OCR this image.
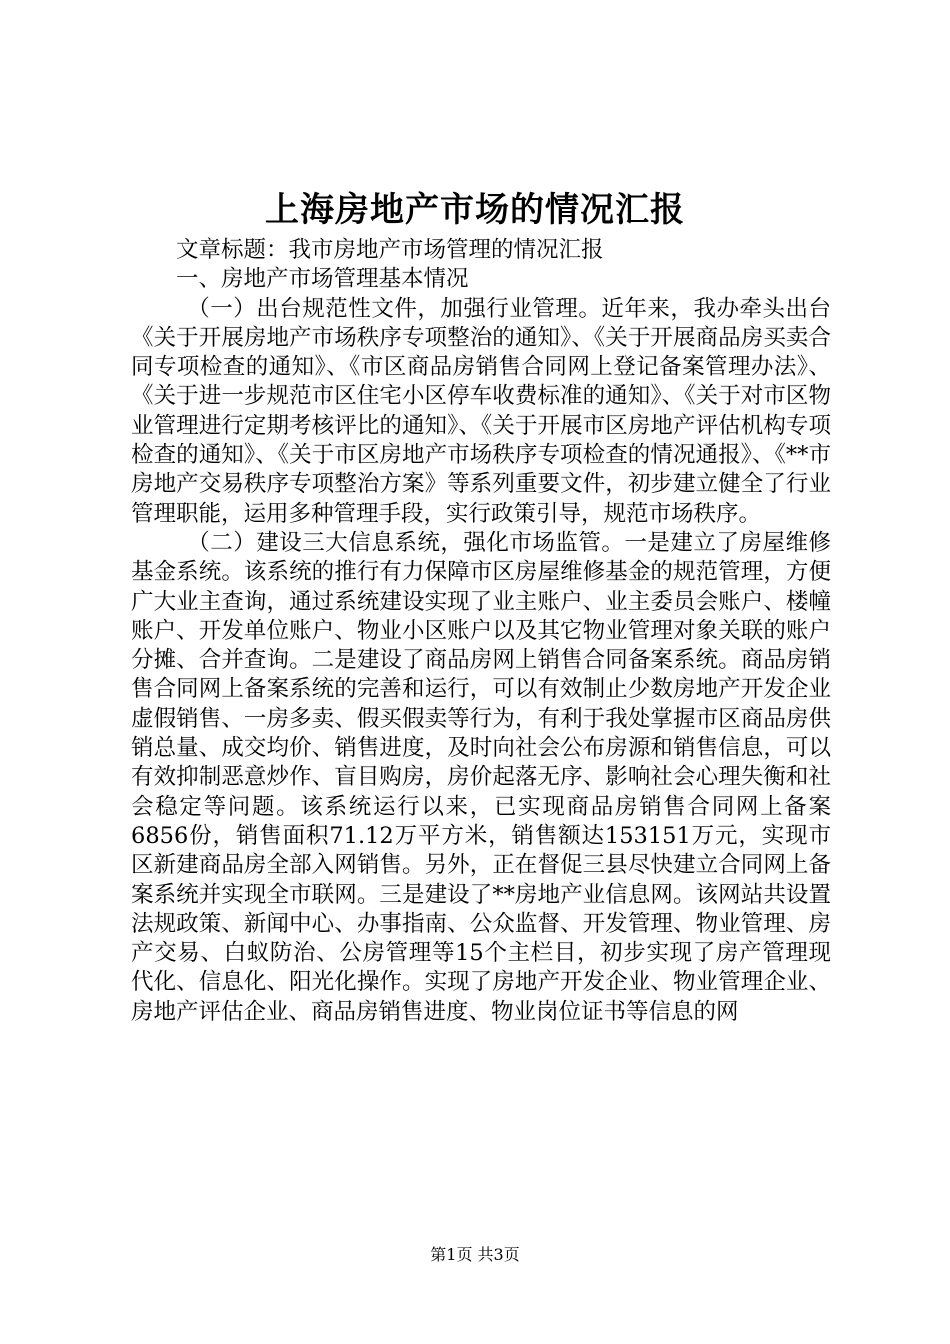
上海房地产市场的情况汇报

文章标题：我市房地产市场管理的情况汇报

一、房地产市场管理基本情况

（一）出台规范性文件，加强行业管理。近年来，我办牵头出台《关于开展房地产市场秩序专项整治的通知》、《关于开展商品房买卖合同专项检查的通知》、《市区商品房销售合同网上登记备案管理办法》、《关于进一步规范市区住宅小区停车收费标准的通知》、《关于对市区物业管理进行定期考核评比的通知》、《关于开展市区房地产评估机构专项检查的通知》、《关于市区房地产市场秩序专项检查的情况通报》、《**市房地产交易秩序专项整治方案》等系列重要文件，初步建立健全了行业管理职能，运用多种管理手段，实行政策引导，规范市场秩序。

（二）建设三大信息系统，强化市场监管。一是建立了房屋维修基金系统。该系统的推行有力保障市区房屋维修基金的规范管理，方便广大业主查询，通过系统建设实现了业主账户、业主委员会账户、楼幢账户、开发单位账户、物业小区账户以及其它物业管理对象关联的账户分摊、合并查询。二是建设了商品房网上销售合同备案系统。商品房销售合同网上备案系统的完善和运行，可以有效制止少数房地产开发企业虚假销售、一房多卖、假买假卖等行为，有利于我处掌握市区商品房供销总量、成交均价、销售进度，及时向社会公布房源和销售信息，可以有效抑制恶意炒作、盲目购房，房价起落无序、影响社会心理失衡和社会稳定等问题。该系统运行以来，已实现商品房销售合同网上备案6856份，销售面积71.12万平方米，销售额达153151万元，实现市区新建商品房全部入网销售。另外，正在督促三县尽快建立合同网上备案系统并实现全市联网。三是建设了**房地产业信息网。该网站共设置法规政策、新闻中心、办事指南、公众监督、开发管理、物业管理、房产交易、白蚁防治、公房管理等15个主栏目，初步实现了房产管理现代化、信息化、阳光化操作。实现了房地产开发企业、物业管理企业、房地产评估企业、商品房销售进度、物业岗位证书等信息的网

第1页 共3页
